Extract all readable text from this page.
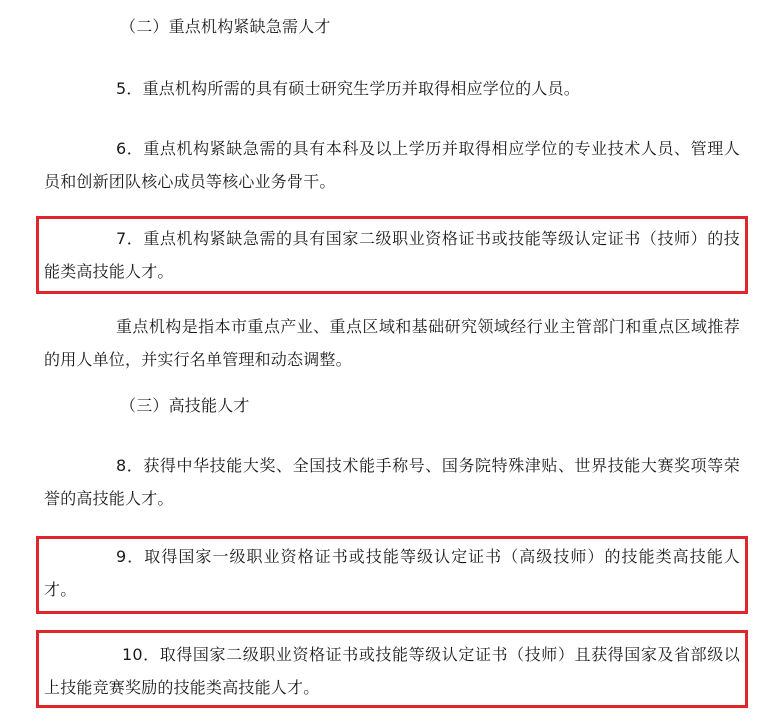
（二）重点机构紧缺急需人才
5．重点机构所需的具有硕士研究生学历并取得相应学位的人员。
6．重点机构紧缺急需的具有本科及以上学历并取得相应学位的专业技术人员、管理人员和创新团队核心成员等核心业务骨干。
7．重点机构紧缺急需的具有国家二级职业资格证书或技能等级认定证书（技师）的技能类高技能人才。
重点机构是指本市重点产业、重点区域和基础研究领域经行业主管部门和重点区域推荐的用人单位，并实行名单管理和动态调整。
（三）高技能人才
8．获得中华技能大奖、全国技术能手称号、国务院特殊津贴、世界技能大赛奖项等荣誉的高技能人才。
9．取得国家一级职业资格证书或技能等级认定证书（高级技师）的技能类高技能人才。
10．取得国家二级职业资格证书或技能等级认定证书（技师）且获得国家及省部级以上技能竞赛奖励的技能类高技能人才。
